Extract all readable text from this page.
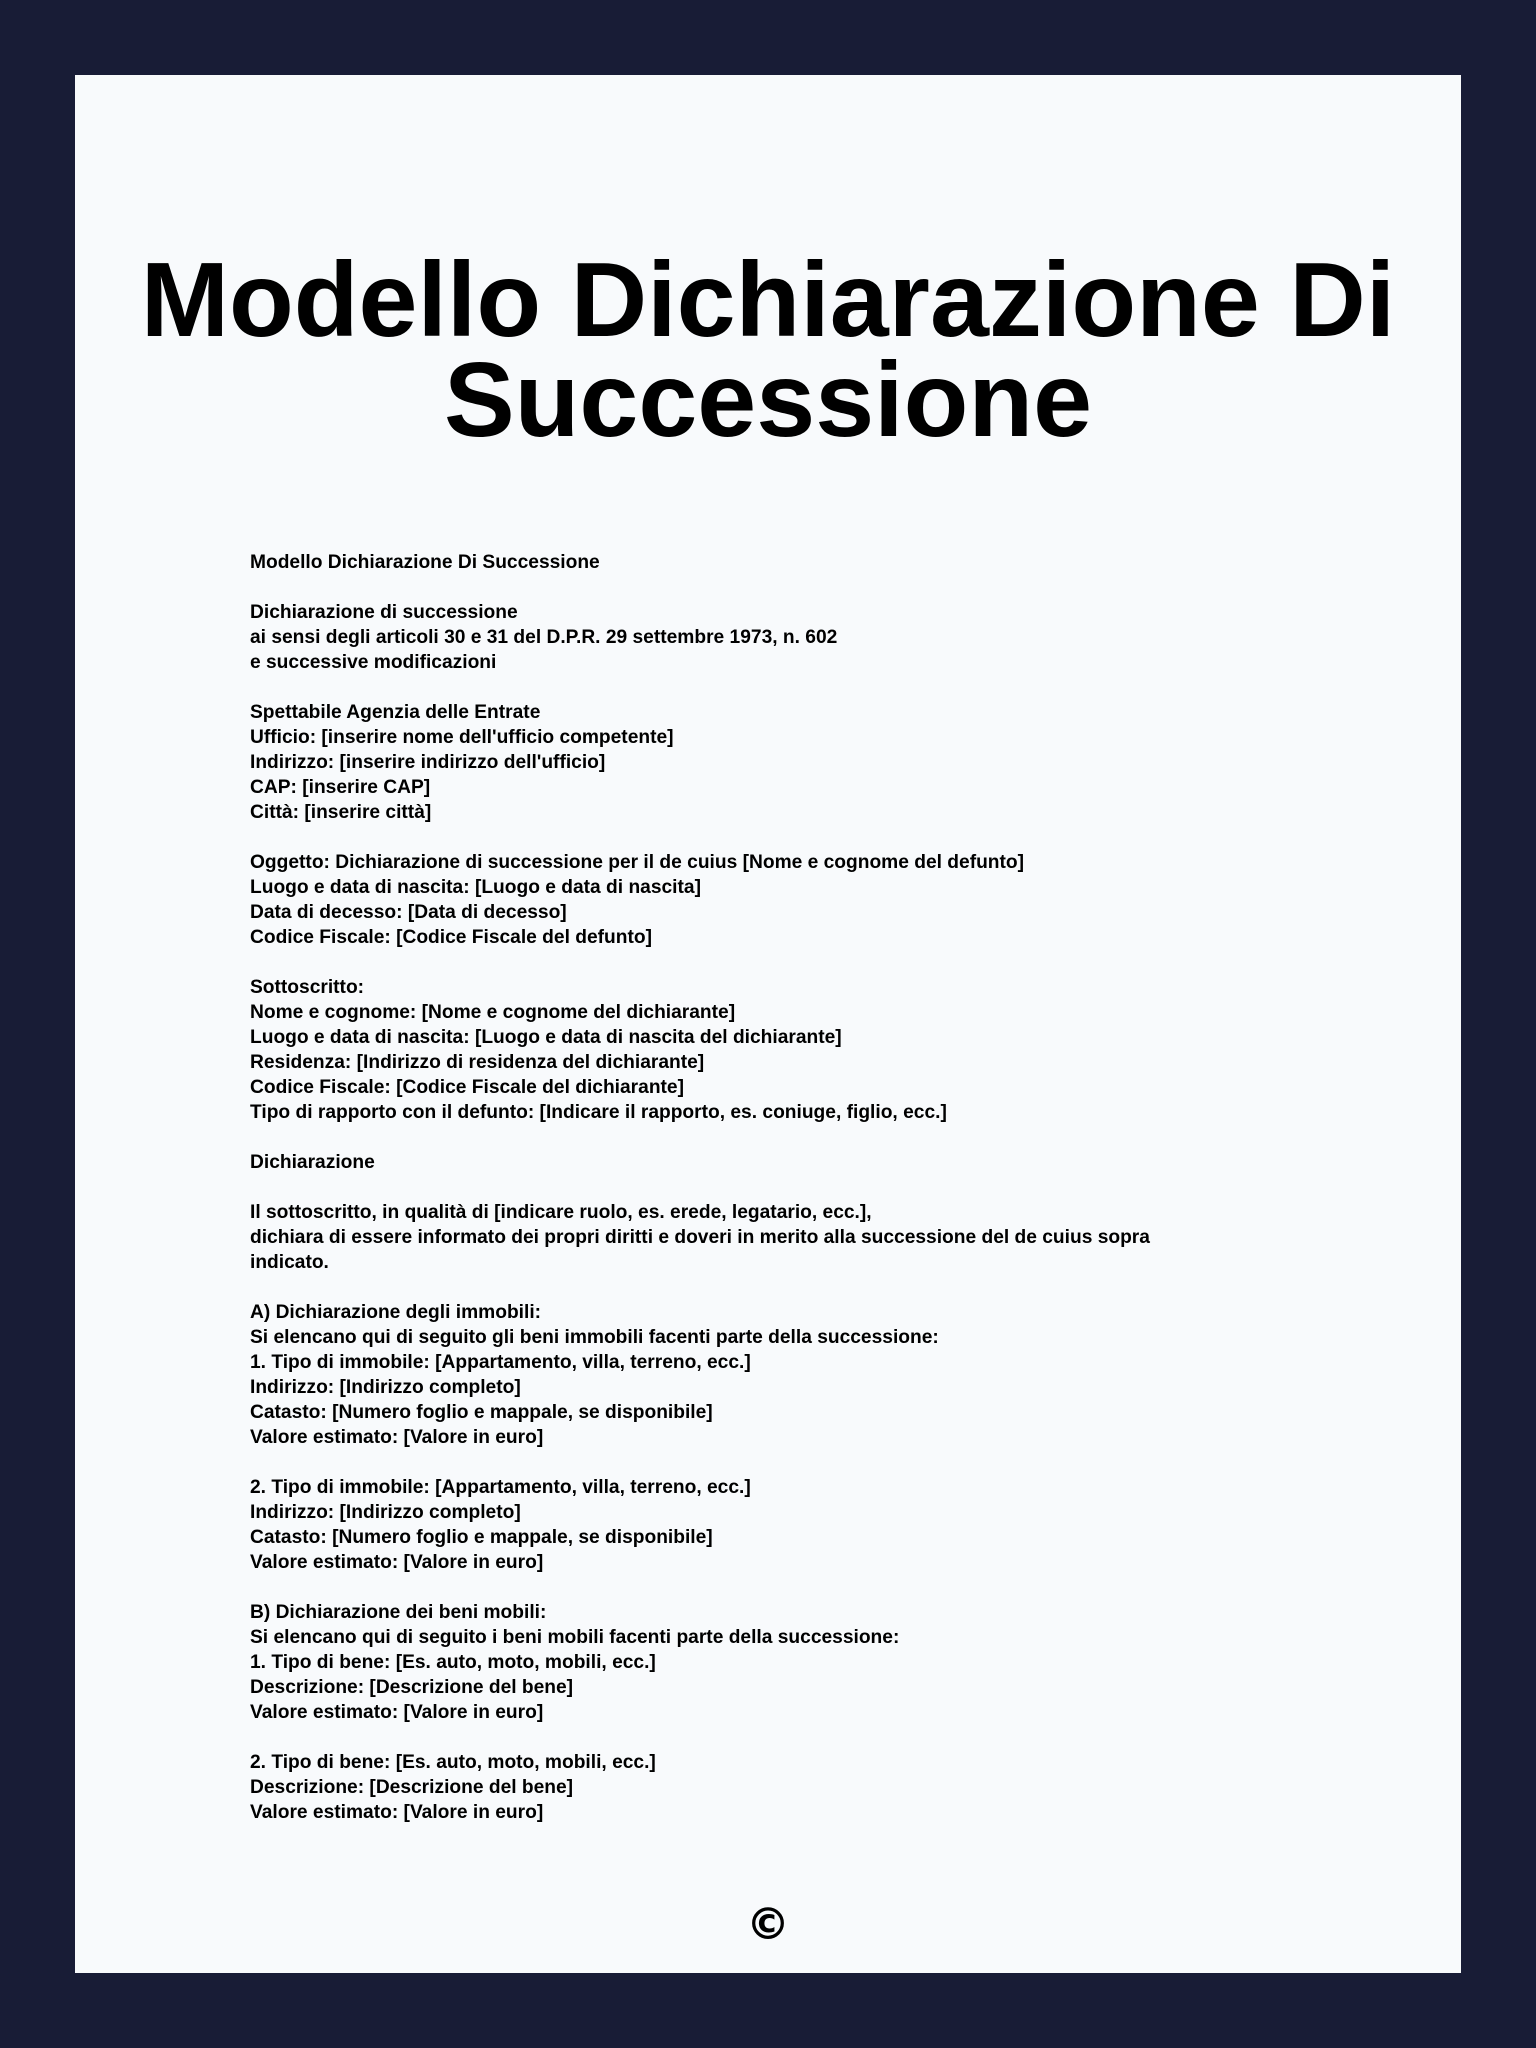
Modello Dichiarazione Di Successione
Modello Dichiarazione Di Successione
Dichiarazione di successione
ai sensi degli articoli 30 e 31 del D.P.R. 29 settembre 1973, n. 602
e successive modificazioni
Spettabile Agenzia delle Entrate
Ufficio: [inserire nome dell'ufficio competente]
Indirizzo: [inserire indirizzo dell'ufficio]
CAP: [inserire CAP]
Città: [inserire città]
Oggetto: Dichiarazione di successione per il de cuius [Nome e cognome del defunto]
Luogo e data di nascita: [Luogo e data di nascita]
Data di decesso: [Data di decesso]
Codice Fiscale: [Codice Fiscale del defunto]
Sottoscritto:
Nome e cognome: [Nome e cognome del dichiarante]
Luogo e data di nascita: [Luogo e data di nascita del dichiarante]
Residenza: [Indirizzo di residenza del dichiarante]
Codice Fiscale: [Codice Fiscale del dichiarante]
Tipo di rapporto con il defunto: [Indicare il rapporto, es. coniuge, figlio, ecc.]
Dichiarazione
Il sottoscritto, in qualità di [indicare ruolo, es. erede, legatario, ecc.],
dichiara di essere informato dei propri diritti e doveri in merito alla successione del de cuius sopra
indicato.
A) Dichiarazione degli immobili:
Si elencano qui di seguito gli beni immobili facenti parte della successione:
1. Tipo di immobile: [Appartamento, villa, terreno, ecc.]
Indirizzo: [Indirizzo completo]
Catasto: [Numero foglio e mappale, se disponibile]
Valore estimato: [Valore in euro]
2. Tipo di immobile: [Appartamento, villa, terreno, ecc.]
Indirizzo: [Indirizzo completo]
Catasto: [Numero foglio e mappale, se disponibile]
Valore estimato: [Valore in euro]
B) Dichiarazione dei beni mobili:
Si elencano qui di seguito i beni mobili facenti parte della successione:
1. Tipo di bene: [Es. auto, moto, mobili, ecc.]
Descrizione: [Descrizione del bene]
Valore estimato: [Valore in euro]
2. Tipo di bene: [Es. auto, moto, mobili, ecc.]
Descrizione: [Descrizione del bene]
Valore estimato: [Valore in euro]
©
